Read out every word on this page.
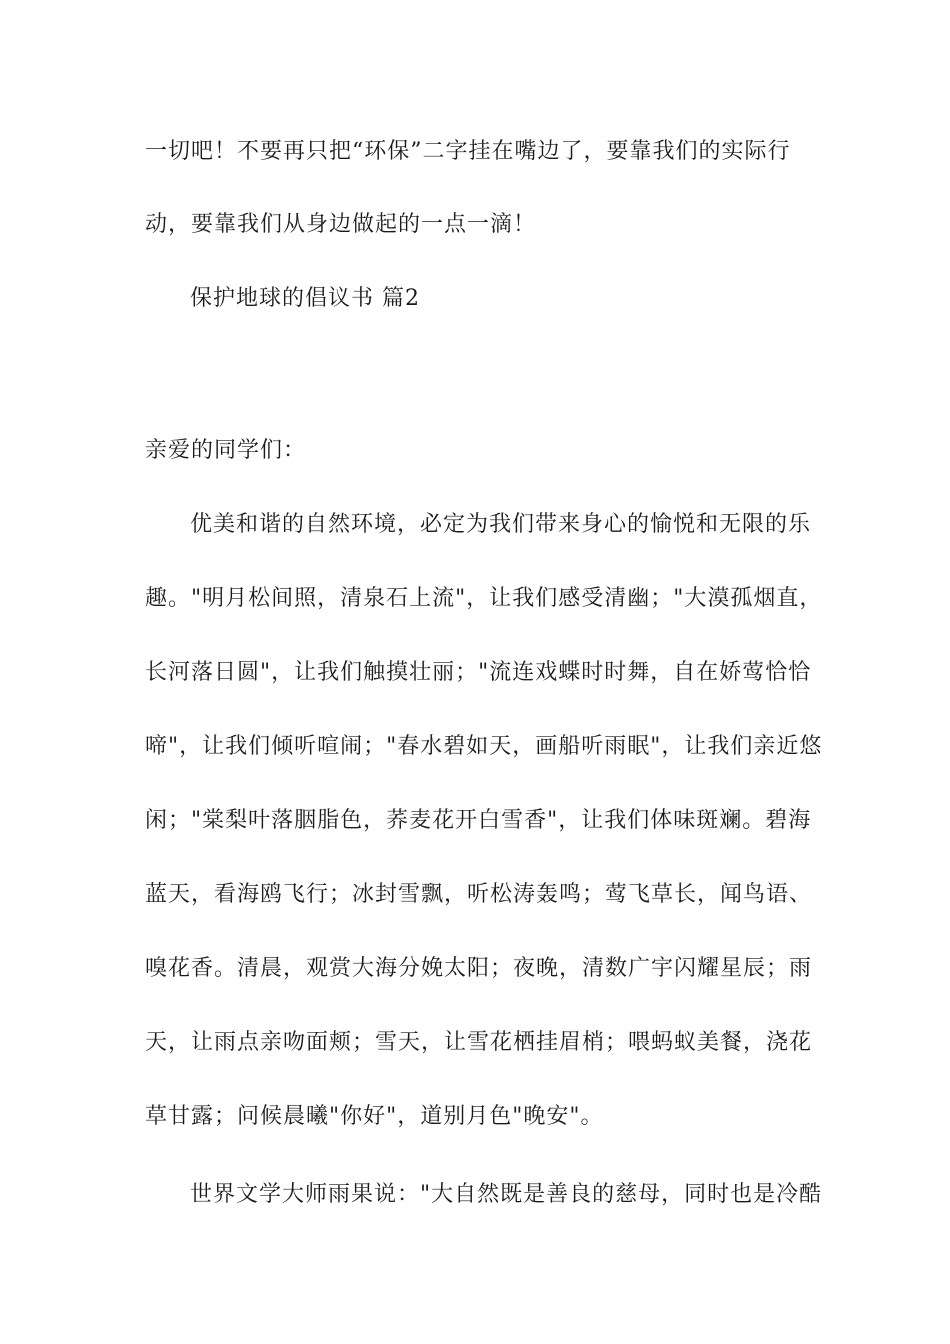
一切吧！不要再只把“环保”二字挂在嘴边了，要靠我们的实际行

动，要靠我们从身边做起的一点一滴！

保护地球的倡议书 篇2

亲爱的同学们：

优美和谐的自然环境，必定为我们带来身心的愉悦和无限的乐

趣。"明月松间照，清泉石上流"，让我们感受清幽；"大漠孤烟直，

长河落日圆"，让我们触摸壮丽；"流连戏蝶时时舞，自在娇莺恰恰

啼"，让我们倾听喧闹；"春水碧如天，画船听雨眠"，让我们亲近悠

闲；"棠梨叶落胭脂色，荞麦花开白雪香"，让我们体味斑斓。碧海

蓝天，看海鸥飞行；冰封雪飘，听松涛轰鸣；莺飞草长，闻鸟语、

嗅花香。清晨，观赏大海分娩太阳；夜晚，清数广宇闪耀星辰；雨

天，让雨点亲吻面颊；雪天，让雪花栖挂眉梢；喂蚂蚁美餐，浇花

草甘露；问候晨曦"你好"，道别月色"晚安"。

世界文学大师雨果说："大自然既是善良的慈母，同时也是冷酷
